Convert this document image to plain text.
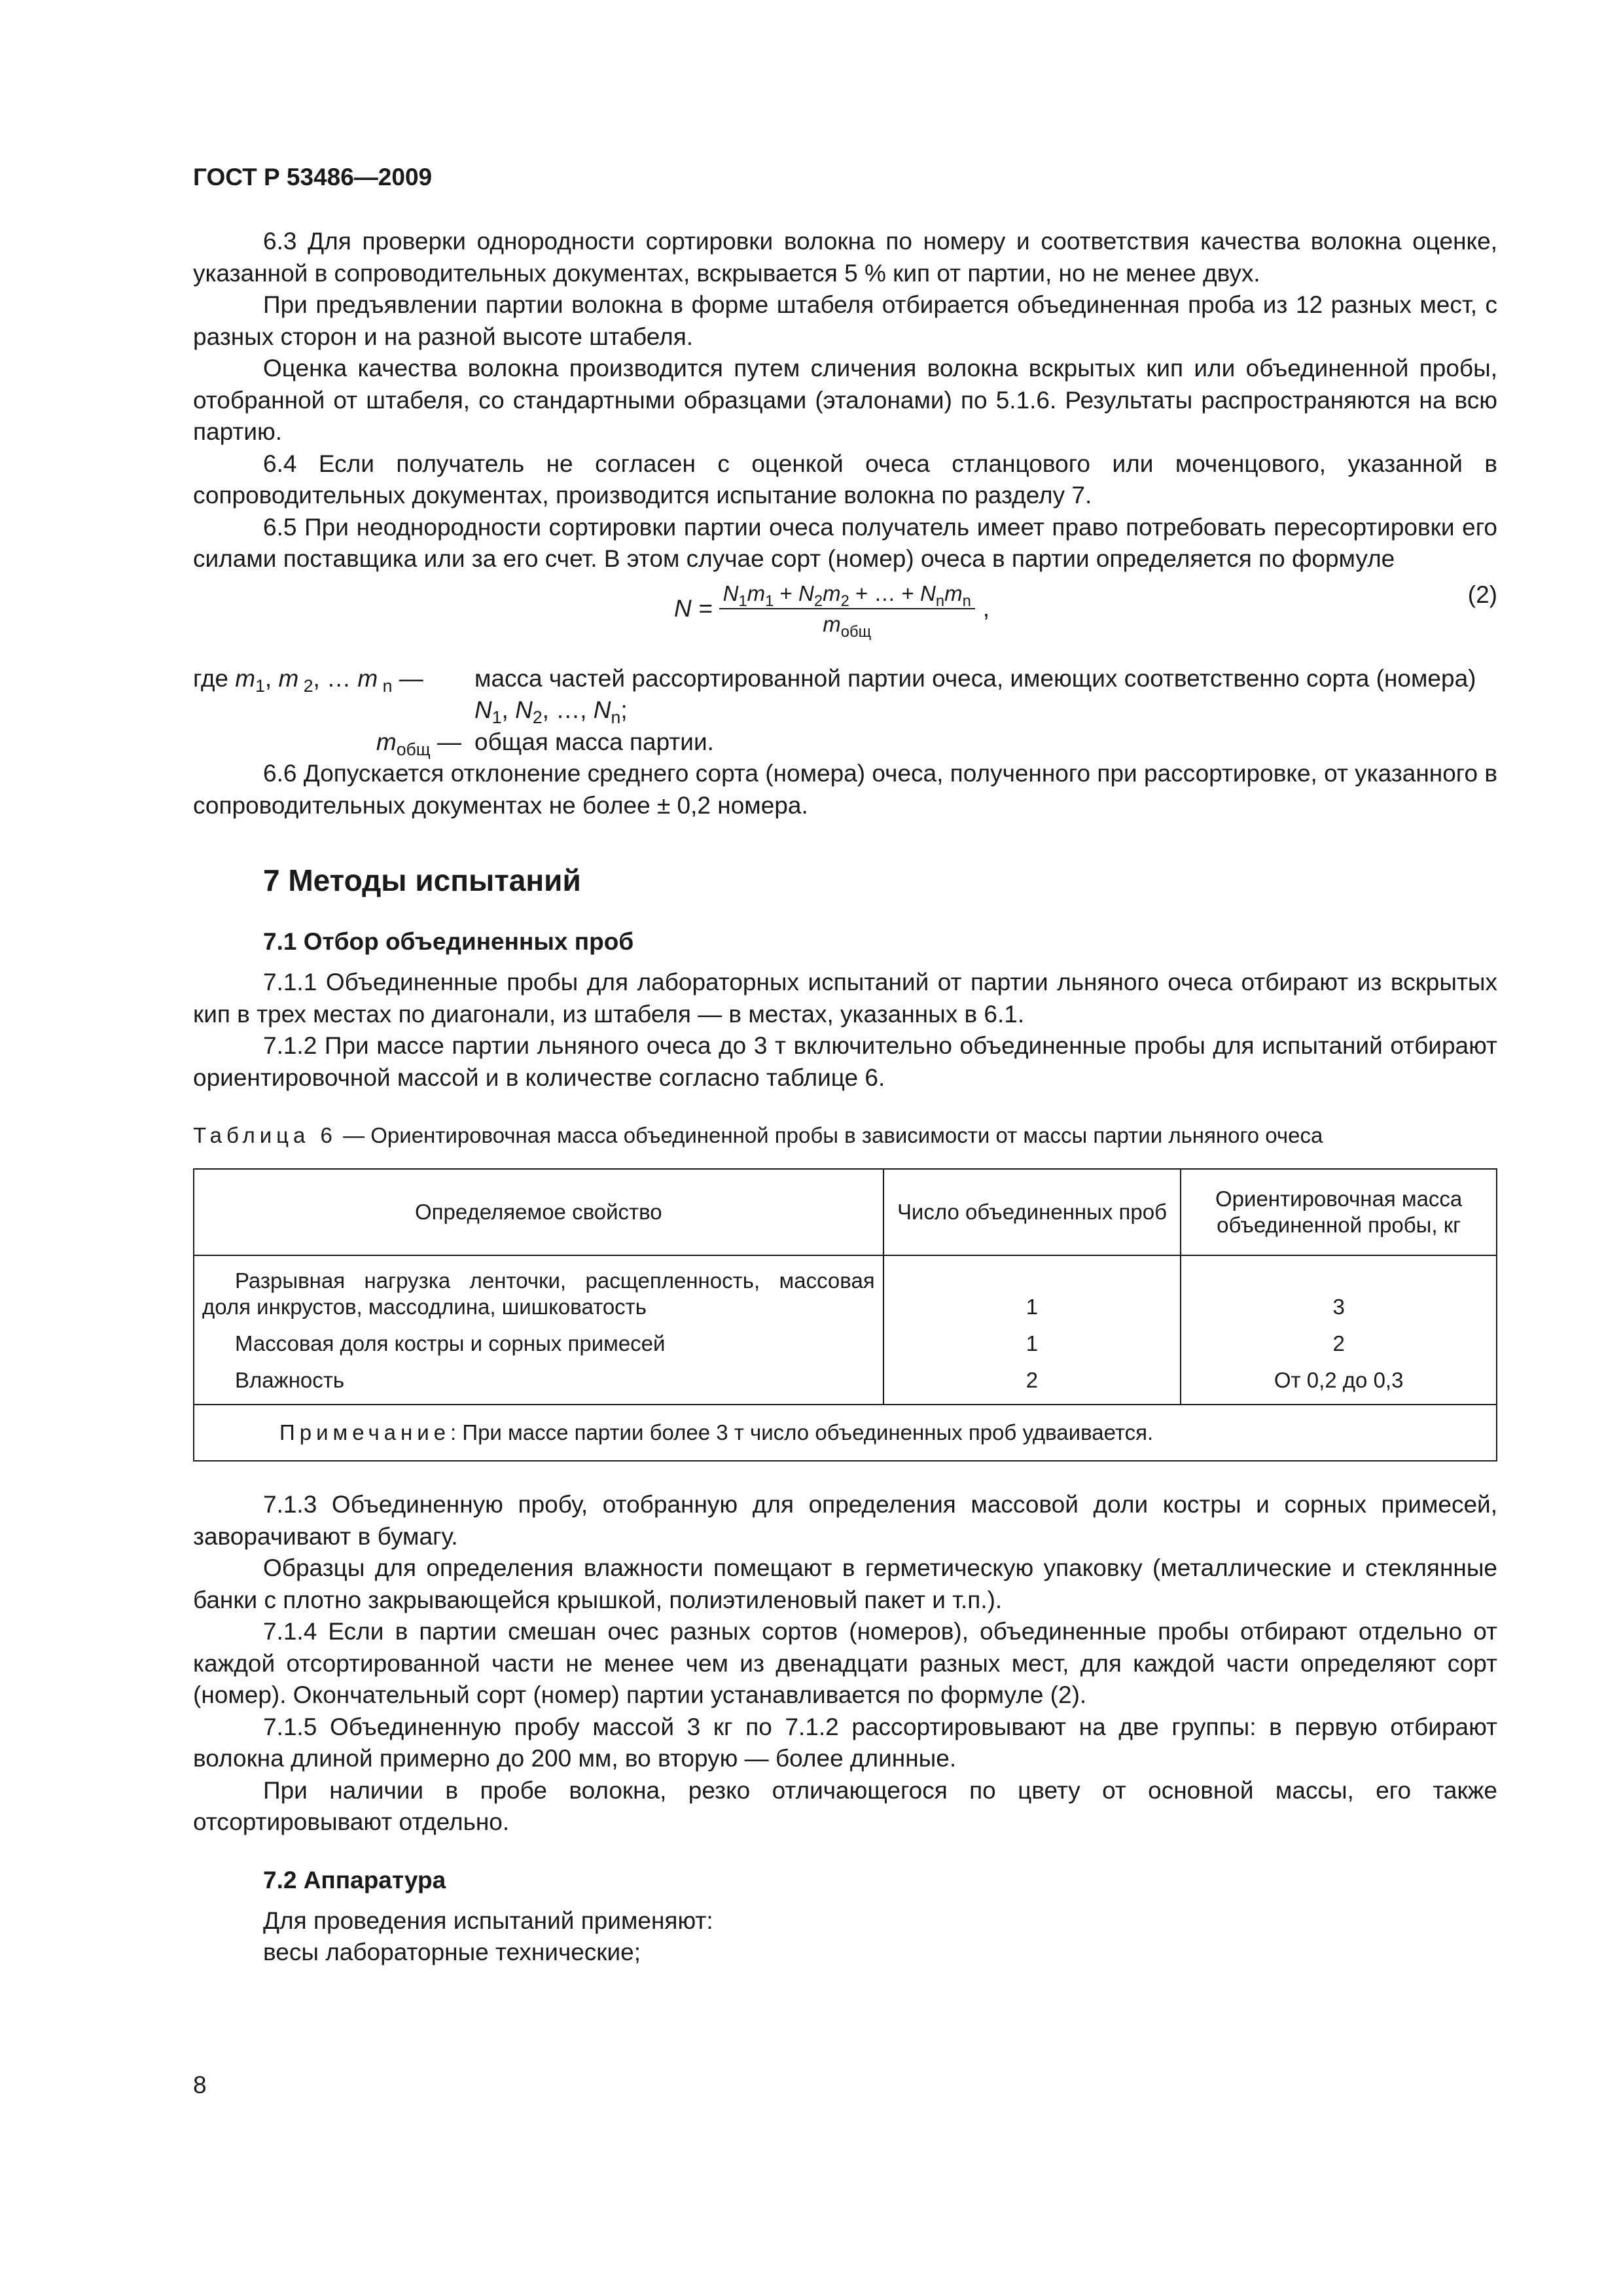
ГОСТ Р 53486—2009

6.3 Для проверки однородности сортировки волокна по номеру и соответствия качества волокна оценке, указанной в сопроводительных документах, вскрывается 5 % кип от партии, но не менее двух.

При предъявлении партии волокна в форме штабеля отбирается объединенная проба из 12 разных мест, с разных сторон и на разной высоте штабеля.

Оценка качества волокна производится путем сличения волокна вскрытых кип или объединенной пробы, отобранной от штабеля, со стандартными образцами (эталонами) по 5.1.6. Результаты распространяются на всю партию.

6.4 Если получатель не согласен с оценкой очеса стланцового или моченцового, указанной в сопроводительных документах, производится испытание волокна по разделу 7.

6.5 При неоднородности сортировки партии очеса получатель имеет право потребовать пересортировки его силами поставщика или за его счет. В этом случае сорт (номер) очеса в партии определяется по формуле

$N = \frac{N_1m_1 + N_2m_2 + \dots + N_nm_n}{m_{общ}}$ ,
(2)
где $m_1$, m $_2$, … m $_n$ —	масса частей рассортированной партии очеса, имеющих соответственно сорта (номера) $N_1$, $N_2$, …, $N_n$;
$m_{общ}$ — общая масса партии.

6.6 Допускается отклонение среднего сорта (номера) очеса, полученного при рассортировке, от указанного в сопроводительных документах не более ± 0,2 номера.

7 Методы испытаний
7.1 Отбор объединенных проб

7.1.1 Объединенные пробы для лабораторных испытаний от партии льняного очеса отбирают из вскрытых кип в трех местах по диагонали, из штабеля — в местах, указанных в 6.1.

7.1.2 При массе партии льняного очеса до 3 т включительно объединенные пробы для испытаний отбирают ориентировочной массой и в количестве согласно таблице 6.

Таблица 6 — Ориентировочная масса объединенной пробы в зависимости от массы партии льняного очеса
Определяемое свойство	Число объединенных проб	Ориентировочная масса объединенной пробы, кг
Разрывная нагрузка ленточки, расщепленность, массовая доля инкрустов, массодлина, шишковатость	1	3
Массовая доля костры и сорных примесей	1	2
Влажность	2	От 0,2 до 0,3
Примечание: При массе партии более 3 т число объединенных проб удваивается.		

7.1.3 Объединенную пробу, отобранную для определения массовой доли костры и сорных примесей, заворачивают в бумагу.

Образцы для определения влажности помещают в герметическую упаковку (металлические и стеклянные банки с плотно закрывающейся крышкой, полиэтиленовый пакет и т.п.).

7.1.4 Если в партии смешан очес разных сортов (номеров), объединенные пробы отбирают отдельно от каждой отсортированной части не менее чем из двенадцати разных мест, для каждой части определяют сорт (номер). Окончательный сорт (номер) партии устанавливается по формуле (2).

7.1.5 Объединенную пробу массой 3 кг по 7.1.2 рассортировывают на две группы: в первую отбирают волокна длиной примерно до 200 мм, во вторую — более длинные.

При наличии в пробе волокна, резко отличающегося по цвету от основной массы, его также отсортировывают отдельно.

7.2 Аппаратура

Для проведения испытаний применяют:

весы лабораторные технические;

8
